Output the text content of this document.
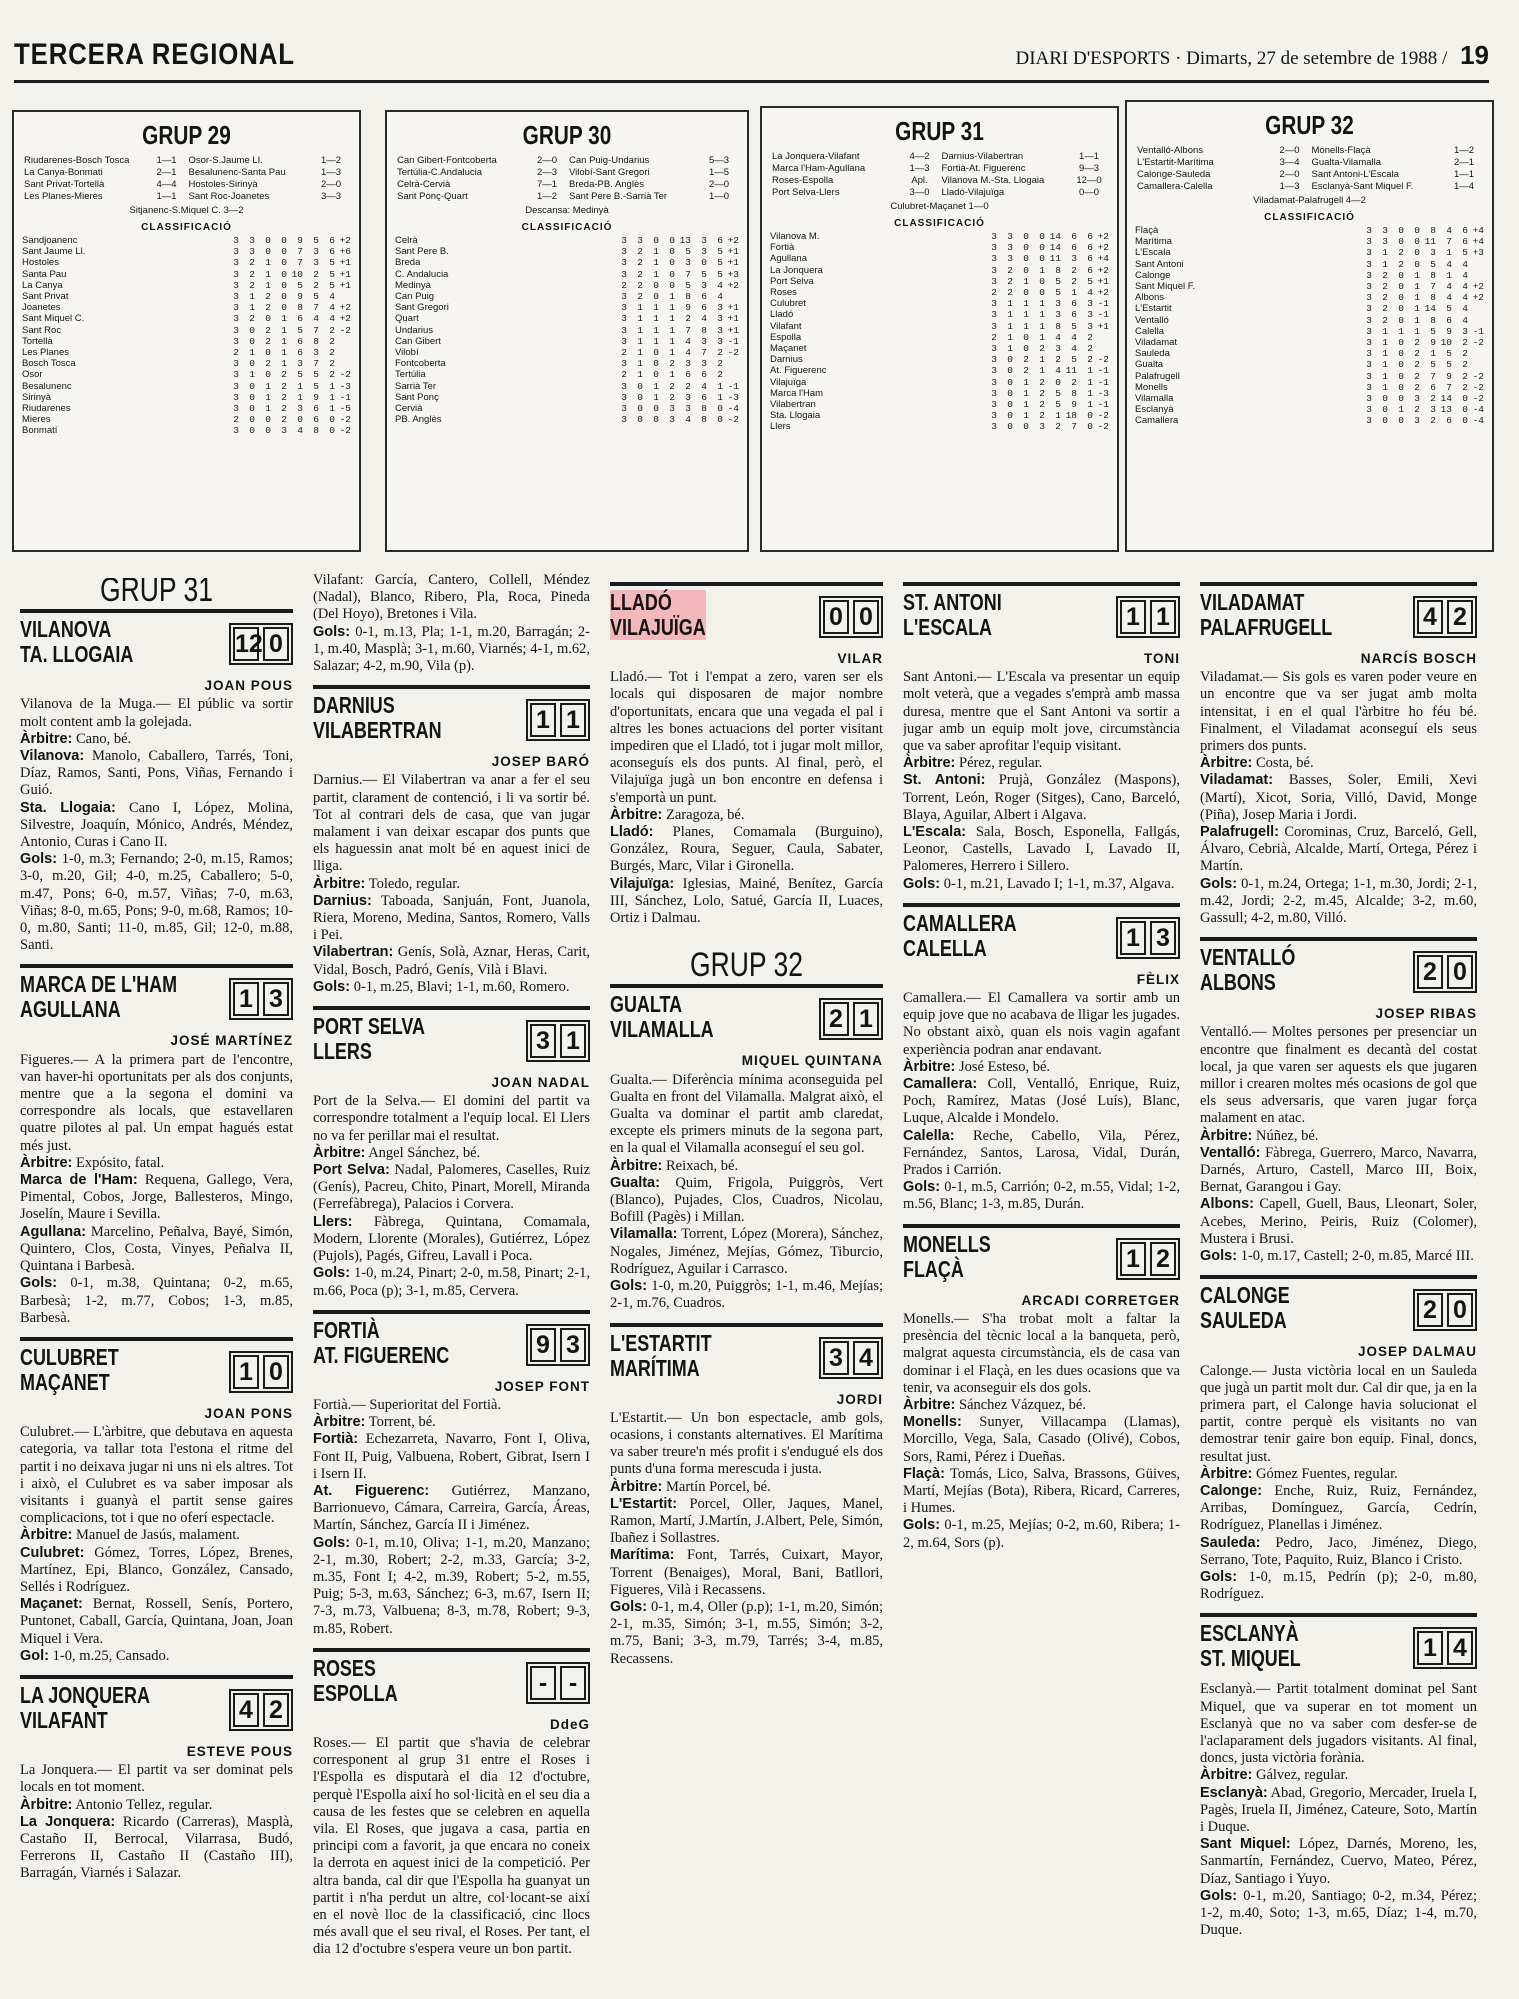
TERCERA REGIONAL	DIARI D'ESPORTS · Dimarts, 27 de setembre de 1988 / 19
GRUP 29
Riudarenes-Bosch Tosca	1—1	Osor-S.Jaume LI.	1—2
La Canya-Bonmati	2—1	Besalunenc-Santa Pau	1—3
Sant Privat-Tortellà	4—4	Hostoles-Sirinyà	2—0
Les Planes-Mieres	1—1	Sant Roc-Joanetes	3—3
Sitjanenc-S.Miquel C. 3—2
CLASSIFICACIÓ
Sandjoanenc	3	3	0	0	9	5	6	+2
Sant Jaume Ll.	3	3	0	0	7	3	6	+6
Hostoles	3	2	1	0	7	3	5	+1
Santa Pau	3	2	1	0	10	2	5	+1
La Canya	3	2	1	0	5	2	5	+1
Sant Privat	3	1	2	0	9	5	4	
Joanetes	3	1	2	0	8	7	4	+2
Sant Miquel C.	3	2	0	1	6	4	4	+2
Sant Roc	3	0	2	1	5	7	2	-2
Tortellà	3	0	2	1	6	8	2	
Les Planes	2	1	0	1	6	3	2	
Bosch Tosca	3	0	2	1	3	7	2	
Osor	3	1	0	2	5	5	2	-2
Besalunenc	3	0	1	2	1	5	1	-3
Sirinyà	3	0	1	2	1	9	1	-1
Riudarenes	3	0	1	2	3	6	1	-5
Mieres	2	0	0	2	0	6	0	-2
Bonmatí	3	0	0	3	4	8	0	-2
GRUP 30
Can Gibert-Fontcoberta	2—0	Can Puig-Undarius	5—3
Tertúlia-C.Andalucia	2—3	Vilobí-Sant Gregori	1—5
Celrà-Cervià	7—1	Breda-PB. Anglès	2—0
Sant Ponç-Quart	1—2	Sant Pere B.-Sarrià Ter	1—0
Descansa: Medinyà
CLASSIFICACIÓ
Celrà	3	3	0	0	13	3	6	+2
Sant Pere B.	3	2	1	0	5	3	5	+1
Breda	3	2	1	0	3	0	5	+1
C. Andalucia	3	2	1	0	7	5	5	+3
Medinyà	2	2	0	0	5	3	4	+2
Can Puig	3	2	0	1	8	6	4	
Sant Gregori	3	1	1	1	9	6	3	+1
Quart	3	1	1	1	2	4	3	+1
Undarius	3	1	1	1	7	8	3	+1
Can Gibert	3	1	1	1	4	3	3	-1
Vilobí	2	1	0	1	4	7	2	-2
Fontcoberta	3	1	0	2	3	3	2	
Tertúlia	2	1	0	1	6	6	2	
Sarrià Ter	3	0	1	2	2	4	1	-1
Sant Ponç	3	0	1	2	3	6	1	-3
Cervià	3	0	0	3	3	8	0	-4
PB. Anglès	3	0	0	3	4	8	0	-2
GRUP 31
La Jonquera-Vilafant	4—2	Darnius-Vilabertran	1—1
Marca l'Ham-Agullana	1—3	Fortià-At. Figuerenc	9—3
Roses-Espolla	Apl.	Vilanova M.-Sta. Llogaia	12—0
Port Selva-Llers	3—0	Lladó-Vilajuïga	0—0
Culubret-Maçanet 1—0
CLASSIFICACIÓ
Vilanova M.	3	3	0	0	14	6	6	+2
Fortià	3	3	0	0	14	6	6	+2
Agullana	3	3	0	0	11	3	6	+4
La Jonquera	3	2	0	1	8	2	6	+2
Port Selva	3	2	1	0	5	2	5	+1
Roses	2	2	0	0	5	1	4	+2
Culubret	3	1	1	1	3	6	3	-1
Lladó	3	1	1	1	3	6	3	-1
Vilafant	3	1	1	1	8	5	3	+1
Espolla	2	1	0	1	4	4	2	
Maçanet	3	1	0	2	3	4	2	
Darnius	3	0	2	1	2	5	2	-2
At. Figuerenc	3	0	2	1	4	11	1	-1
Vilajuïga	3	0	1	2	0	2	1	-1
Marca l'Ham	3	0	1	2	5	8	1	-3
Vilabertran	3	0	1	2	5	9	1	-1
Sta. Llogaia	3	0	1	2	1	18	0	-2
Llers	3	0	0	3	2	7	0	-2
GRUP 32
Ventalló-Albons	2—0	Monells-Flaçà	1—2
L'Estartit-Marítima	3—4	Gualta-Vilamalla	2—1
Calonge-Sauleda	2—0	Sant Antoni-L'Escala	1—1
Camallera-Calella	1—3	Esclanyà-Sant Miquel F.	1—4
Viladamat-Palafrugell 4—2
CLASSIFICACIÓ
Flaçà	3	3	0	0	8	4	6	+4
Marítima	3	3	0	0	11	7	6	+4
L'Escala	3	1	2	0	3	1	5	+3
Sant Antoni	3	1	2	0	5	4	4	
Calonge	3	2	0	1	8	1	4	
Sant Miquel F.	3	2	0	1	7	4	4	+2
Albons	3	2	0	1	8	4	4	+2
L'Estartit	3	2	0	1	14	5	4	
Ventalló	3	2	0	1	8	6	4	
Calella	3	1	1	1	5	9	3	-1
Viladamat	3	1	0	2	9	10	2	-2
Sauleda	3	1	0	2	1	5	2	
Gualta	3	1	0	2	5	5	2	
Palafrugell	3	1	0	2	7	9	2	-2
Monells	3	1	0	2	6	7	2	-2
Vilamalla	3	0	0	3	2	14	0	-2
Esclanyà	3	0	1	2	3	13	0	-4
Camallera	3	0	0	3	2	6	0	-4
GRUP 31
VILANOVA
TA. LLOGAIA	12 0
JOAN POUS

Vilanova de la Muga.— El públic va sortir molt content amb la golejada.

Àrbitre: Cano, bé.

Vilanova: Manolo, Caballero, Tarrés, Toni, Díaz, Ramos, Santi, Pons, Viñas, Fernando i Guió.

Sta. Llogaia: Cano I, López, Molina, Silvestre, Joaquín, Mónico, Andrés, Méndez, Antonio, Curas i Cano II.

Gols: 1-0, m.3; Fernando; 2-0, m.15, Ramos; 3-0, m.20, Gil; 4-0, m.25, Caballero; 5-0, m.47, Pons; 6-0, m.57, Viñas; 7-0, m.63, Viñas; 8-0, m.65, Pons; 9-0, m.68, Ramos; 10-0, m.80, Santi; 11-0, m.85, Gil; 12-0, m.88, Santi.

MARCA DE L'HAM
AGULLANA	1 3
JOSÉ MARTÍNEZ

Figueres.— A la primera part de l'encontre, van haver-hi oportunitats per als dos conjunts, mentre que a la segona el domini va correspondre als locals, que estavellaren quatre pilotes al pal. Un empat hagués estat més just.

Àrbitre: Expósito, fatal.

Marca de l'Ham: Requena, Gallego, Vera, Pimental, Cobos, Jorge, Ballesteros, Mingo, Joselín, Maure i Sevilla.

Agullana: Marcelino, Peñalva, Bayé, Simón, Quintero, Clos, Costa, Vinyes, Peñalva II, Quintana i Barbesà.

Gols: 0-1, m.38, Quintana; 0-2, m.65, Barbesà; 1-2, m.77, Cobos; 1-3, m.85, Barbesà.

CULUBRET
MAÇANET	1 0
JOAN PONS

Culubret.— L'àrbitre, que debutava en aquesta categoria, va tallar tota l'estona el ritme del partit i no deixava jugar ni uns ni els altres. Tot i això, el Culubret es va saber imposar als visitants i guanyà el partit sense gaires complicacions, tot i que no oferí espectacle.

Àrbitre: Manuel de Jasús, malament.

Culubret: Gómez, Torres, López, Brenes, Martínez, Epi, Blanco, González, Cansado, Sellés i Rodríguez.

Maçanet: Bernat, Rossell, Senís, Portero, Puntonet, Caball, García, Quintana, Joan, Joan Miquel i Vera.

Gol: 1-0, m.25, Cansado.

LA JONQUERA
VILAFANT	4 2
ESTEVE POUS

La Jonquera.— El partit va ser dominat pels locals en tot moment.

Àrbitre: Antonio Tellez, regular.

La Jonquera: Ricardo (Carreras), Masplà, Castaño II, Berrocal, Vilarrasa, Budó, Ferrerons II, Castaño II (Castaño III), Barragán, Viarnés i Salazar.

Vilafant: García, Cantero, Collell, Méndez (Nadal), Blanco, Ribero, Pla, Roca, Pineda (Del Hoyo), Bretones i Vila.

Gols: 0-1, m.13, Pla; 1-1, m.20, Barragán; 2-1, m.40, Masplà; 3-1, m.60, Viarnés; 4-1, m.62, Salazar; 4-2, m.90, Vila (p).

DARNIUS
VILABERTRAN	1 1
JOSEP BARÓ

Darnius.— El Vilabertran va anar a fer el seu partit, clarament de contenció, i li va sortir bé. Tot al contrari dels de casa, que van jugar malament i van deixar escapar dos punts que els haguessin anat molt bé en aquest inici de lliga.

Àrbitre: Toledo, regular.

Darnius: Taboada, Sanjuán, Font, Juanola, Riera, Moreno, Medina, Santos, Romero, Valls i Pei.

Vilabertran: Genís, Solà, Aznar, Heras, Carit, Vidal, Bosch, Padró, Genís, Vilà i Blavi.

Gols: 0-1, m.25, Blavi; 1-1, m.60, Romero.

PORT SELVA
LLERS	3 1
JOAN NADAL

Port de la Selva.— El domini del partit va correspondre totalment a l'equip local. El Llers no va fer perillar mai el resultat.

Àrbitre: Angel Sánchez, bé.

Port Selva: Nadal, Palomeres, Caselles, Ruiz (Genís), Pacreu, Chito, Pinart, Morell, Miranda (Ferrefàbrega), Palacios i Corvera.

Llers: Fàbrega, Quintana, Comamala, Modern, Llorente (Morales), Gutiérrez, López (Pujols), Pagés, Gifreu, Lavall i Poca.

Gols: 1-0, m.24, Pinart; 2-0, m.58, Pinart; 2-1, m.66, Poca (p); 3-1, m.85, Cervera.

FORTIÀ
AT. FIGUERENC	9 3
JOSEP FONT

Fortià.— Superioritat del Fortià.

Àrbitre: Torrent, bé.

Fortià: Echezarreta, Navarro, Font I, Oliva, Font II, Puig, Valbuena, Robert, Gibrat, Isern I i Isern II.

At. Figuerenc: Gutiérrez, Manzano, Barrionuevo, Cámara, Carreira, García, Áreas, Martín, Sánchez, García II i Jiménez.

Gols: 0-1, m.10, Oliva; 1-1, m.20, Manzano; 2-1, m.30, Robert; 2-2, m.33, García; 3-2, m.35, Font I; 4-2, m.39, Robert; 5-2, m.55, Puig; 5-3, m.63, Sánchez; 6-3, m.67, Isern II; 7-3, m.73, Valbuena; 8-3, m.78, Robert; 9-3, m.85, Robert.

ROSES
ESPOLLA	- -
DdeG

Roses.— El partit que s'havia de celebrar corresponent al grup 31 entre el Roses i l'Espolla es disputarà el dia 12 d'octubre, perquè l'Espolla així ho sol·licità en el seu dia a causa de les festes que se celebren en aquella vila. El Roses, que jugava a casa, partia en principi com a favorit, ja que encara no coneix la derrota en aquest inici de la competició. Per altra banda, cal dir que l'Espolla ha guanyat un partit i n'ha perdut un altre, col·locant-se així en el novè lloc de la classificació, cinc llocs més avall que el seu rival, el Roses. Per tant, el dia 12 d'octubre s'espera veure un bon partit.

LLADÓ
VILAJUÏGA	0 0
VILAR

Lladó.— Tot i l'empat a zero, varen ser els locals qui disposaren de major nombre d'oportunitats, encara que una vegada el pal i altres les bones actuacions del porter visitant impediren que el Lladó, tot i jugar molt millor, aconseguís els dos punts. Al final, però, el Vilajuïga jugà un bon encontre en defensa i s'emportà un punt.

Àrbitre: Zaragoza, bé.

Lladó: Planes, Comamala (Burguino), González, Roura, Seguer, Caula, Sabater, Burgés, Marc, Vilar i Gironella.

Vilajuïga: Iglesias, Mainé, Benítez, García III, Sánchez, Lolo, Satué, García II, Luaces, Ortiz i Dalmau.

GRUP 32
GUALTA
VILAMALLA	2 1
MIQUEL QUINTANA

Gualta.— Diferència mínima aconseguida pel Gualta en front del Vilamalla. Malgrat això, el Gualta va dominar el partit amb claredat, excepte els primers minuts de la segona part, en la qual el Vilamalla aconseguí el seu gol.

Àrbitre: Reixach, bé.

Gualta: Quim, Frigola, Puiggròs, Vert (Blanco), Pujades, Clos, Cuadros, Nicolau, Bofill (Pagès) i Millan.

Vilamalla: Torrent, López (Morera), Sánchez, Nogales, Jiménez, Mejías, Gómez, Tiburcio, Rodríguez, Aguilar i Carrasco.

Gols: 1-0, m.20, Puiggròs; 1-1, m.46, Mejías; 2-1, m.76, Cuadros.

L'ESTARTIT
MARÍTIMA	3 4
JORDI

L'Estartit.— Un bon espectacle, amb gols, ocasions, i constants alternatives. El Marítima va saber treure'n més profit i s'endugué els dos punts d'una forma merescuda i justa.

Àrbitre: Martín Porcel, bé.

L'Estartit: Porcel, Oller, Jaques, Manel, Ramon, Martí, J.Martín, J.Albert, Pele, Simón, Ibañez i Sollastres.

Marítima: Font, Tarrés, Cuixart, Mayor, Torrent (Benaiges), Moral, Bani, Batllori, Figueres, Vilà i Recassens.

Gols: 0-1, m.4, Oller (p.p); 1-1, m.20, Simón; 2-1, m.35, Simón; 3-1, m.55, Simón; 3-2, m.75, Bani; 3-3, m.79, Tarrés; 3-4, m.85, Recassens.

ST. ANTONI
L'ESCALA	1 1
TONI

Sant Antoni.— L'Escala va presentar un equip molt veterà, que a vegades s'emprà amb massa duresa, mentre que el Sant Antoni va sortir a jugar amb un equip molt jove, circumstància que va saber aprofitar l'equip visitant.

Àrbitre: Pérez, regular.

St. Antoni: Prujà, González (Maspons), Torrent, León, Roger (Sitges), Cano, Barceló, Blaya, Aguilar, Albert i Algava.

L'Escala: Sala, Bosch, Esponella, Fallgás, Leonor, Castells, Lavado I, Lavado II, Palomeres, Herrero i Sillero.

Gols: 0-1, m.21, Lavado I; 1-1, m.37, Algava.

CAMALLERA
CALELLA	1 3
FÈLIX

Camallera.— El Camallera va sortir amb un equip jove que no acabava de lligar les jugades. No obstant això, quan els nois vagin agafant experiència podran anar endavant.

Àrbitre: José Esteso, bé.

Camallera: Coll, Ventalló, Enrique, Ruiz, Poch, Ramírez, Matas (José Luís), Blanc, Luque, Alcalde i Mondelo.

Calella: Reche, Cabello, Vila, Pérez, Fernández, Santos, Larosa, Vidal, Durán, Prados i Carrión.

Gols: 0-1, m.5, Carrión; 0-2, m.55, Vidal; 1-2, m.56, Blanc; 1-3, m.85, Durán.

MONELLS
FLAÇÀ	1 2
ARCADI CORRETGER

Monells.— S'ha trobat molt a faltar la presència del tècnic local a la banqueta, però, malgrat aquesta circumstància, els de casa van dominar i el Flaçà, en les dues ocasions que va tenir, va aconseguir els dos gols.

Àrbitre: Sánchez Vázquez, bé.

Monells: Sunyer, Villacampa (Llamas), Morcillo, Vega, Sala, Casado (Olivé), Cobos, Sors, Rami, Pérez i Dueñas.

Flaçà: Tomás, Lico, Salva, Brassons, Güives, Martí, Mejías (Bota), Ribera, Ricard, Carreres, i Humes.

Gols: 0-1, m.25, Mejías; 0-2, m.60, Ribera; 1-2, m.64, Sors (p).

VILADAMAT
PALAFRUGELL	4 2
NARCÍS BOSCH

Viladamat.— Sis gols es varen poder veure en un encontre que va ser jugat amb molta intensitat, i en el qual l'àrbitre ho féu bé. Finalment, el Viladamat aconseguí els seus primers dos punts.

Àrbitre: Costa, bé.

Viladamat: Basses, Soler, Emili, Xevi (Martí), Xicot, Soria, Villó, David, Monge (Piña), Josep Maria i Jordi.

Palafrugell: Corominas, Cruz, Barceló, Gell, Álvaro, Cebrià, Alcalde, Martí, Ortega, Pérez i Martín.

Gols: 0-1, m.24, Ortega; 1-1, m.30, Jordi; 2-1, m.42, Jordi; 2-2, m.45, Alcalde; 3-2, m.60, Gassull; 4-2, m.80, Villó.

VENTALLÓ
ALBONS	2 0
JOSEP RIBAS

Ventalló.— Moltes persones per presenciar un encontre que finalment es decantà del costat local, ja que varen ser aquests els que jugaren millor i crearen moltes més ocasions de gol que els seus adversaris, que varen jugar força malament en atac.

Àrbitre: Núñez, bé.

Ventalló: Fàbrega, Guerrero, Marco, Navarra, Darnés, Arturo, Castell, Marco III, Boix, Bernat, Garangou i Gay.

Albons: Capell, Guell, Baus, Lleonart, Soler, Acebes, Merino, Peiris, Ruiz (Colomer), Mustera i Brusi.

Gols: 1-0, m.17, Castell; 2-0, m.85, Marcé III.

CALONGE
SAULEDA	2 0
JOSEP DALMAU

Calonge.— Justa victòria local en un Sauleda que jugà un partit molt dur. Cal dir que, ja en la primera part, el Calonge havia solucionat el partit, contre perquè els visitants no van demostrar tenir gaire bon equip. Final, doncs, resultat just.

Àrbitre: Gómez Fuentes, regular.

Calonge: Enche, Ruiz, Ruiz, Fernández, Arribas, Domínguez, García, Cedrín, Rodríguez, Planellas i Jiménez.

Sauleda: Pedro, Jaco, Jiménez, Diego, Serrano, Tote, Paquito, Ruiz, Blanco i Cristo.

Gols: 1-0, m.15, Pedrín (p); 2-0, m.80, Rodríguez.

ESCLANYÀ
ST. MIQUEL	1 4

Esclanyà.— Partit totalment dominat pel Sant Miquel, que va superar en tot moment un Esclanyà que no va saber com desfer-se de l'aclaparament dels jugadors visitants. Al final, doncs, justa victòria forània.

Àrbitre: Gálvez, regular.

Esclanyà: Abad, Gregorio, Mercader, Iruela I, Pagès, Iruela II, Jiménez, Cateure, Soto, Martín i Duque.

Sant Miquel: López, Darnés, Moreno, les, Sanmartín, Fernández, Cuervo, Mateo, Pérez, Díaz, Santiago i Yuyo.

Gols: 0-1, m.20, Santiago; 0-2, m.34, Pérez; 1-2, m.40, Soto; 1-3, m.65, Díaz; 1-4, m.70, Duque.
